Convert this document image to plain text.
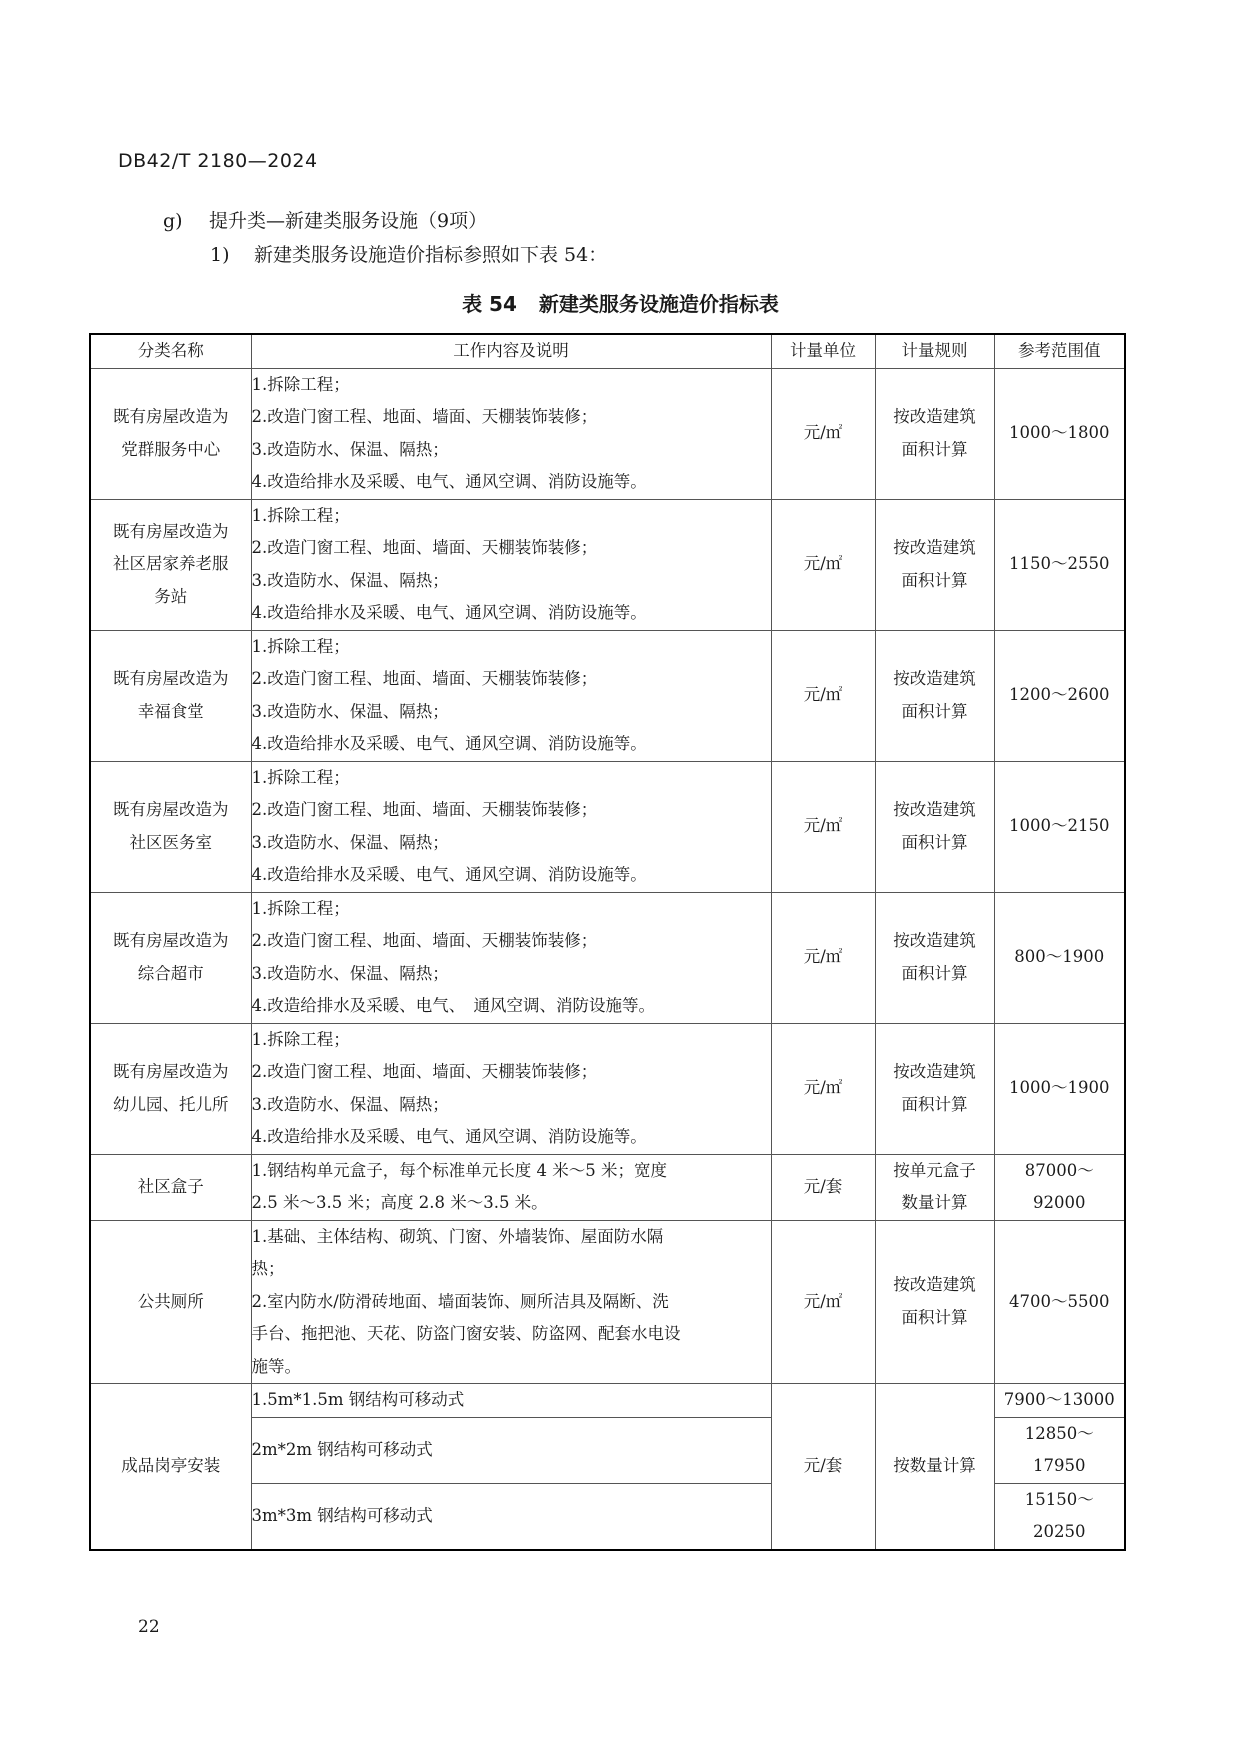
DB42/T 2180—2024
g) 提升类—新建类服务设施（9项）
1) 新建类服务设施造价指标参照如下表 54：
表 54 新建类服务设施造价指标表
分类名称	工作内容及说明	计量单位	计量规则	参考范围值

既有房屋改造为
党群服务中心	1.拆除工程；
2.改造门窗工程、地面、墙面、天棚装饰装修；
3.改造防水、保温、隔热；
4.改造给排水及采暖、电气、通风空调、消防设施等。	元/㎡	按改造建筑
面积计算	1000～1800

既有房屋改造为
社区居家养老服
务站	1.拆除工程；
2.改造门窗工程、地面、墙面、天棚装饰装修；
3.改造防水、保温、隔热；
4.改造给排水及采暖、电气、通风空调、消防设施等。	元/㎡	按改造建筑
面积计算	1150～2550

既有房屋改造为
幸福食堂	1.拆除工程；
2.改造门窗工程、地面、墙面、天棚装饰装修；
3.改造防水、保温、隔热；
4.改造给排水及采暖、电气、通风空调、消防设施等。	元/㎡	按改造建筑
面积计算	1200～2600

既有房屋改造为
社区医务室	1.拆除工程；
2.改造门窗工程、地面、墙面、天棚装饰装修；
3.改造防水、保温、隔热；
4.改造给排水及采暖、电气、通风空调、消防设施等。	元/㎡	按改造建筑
面积计算	1000～2150

既有房屋改造为
综合超市	1.拆除工程；
2.改造门窗工程、地面、墙面、天棚装饰装修；
3.改造防水、保温、隔热；
4.改造给排水及采暖、电气、　通风空调、消防设施等。	元/㎡	按改造建筑
面积计算	800～1900

既有房屋改造为
幼儿园、托儿所	1.拆除工程；
2.改造门窗工程、地面、墙面、天棚装饰装修；
3.改造防水、保温、隔热；
4.改造给排水及采暖、电气、通风空调、消防设施等。	元/㎡	按改造建筑
面积计算	1000～1900

社区盒子	1.钢结构单元盒子，每个标准单元长度 4 米～5 米；宽度
2.5 米～3.5 米；高度 2.8 米～3.5 米。	元/套	按单元盒子
数量计算	87000～
92000

公共厕所	1.基础、主体结构、砌筑、门窗、外墙装饰、屋面防水隔
热；
2.室内防水/防滑砖地面、墙面装饰、厕所洁具及隔断、洗
手台、拖把池、天花、防盗门窗安装、防盗网、配套水电设
施等。	元/㎡	按改造建筑
面积计算	4700～5500

成品岗亭安装	1.5m*1.5m 钢结构可移动式	元/套	按数量计算	7900～13000

	2m*2m 钢结构可移动式			12850～
17950

	3m*3m 钢结构可移动式			15150～
20250
22
